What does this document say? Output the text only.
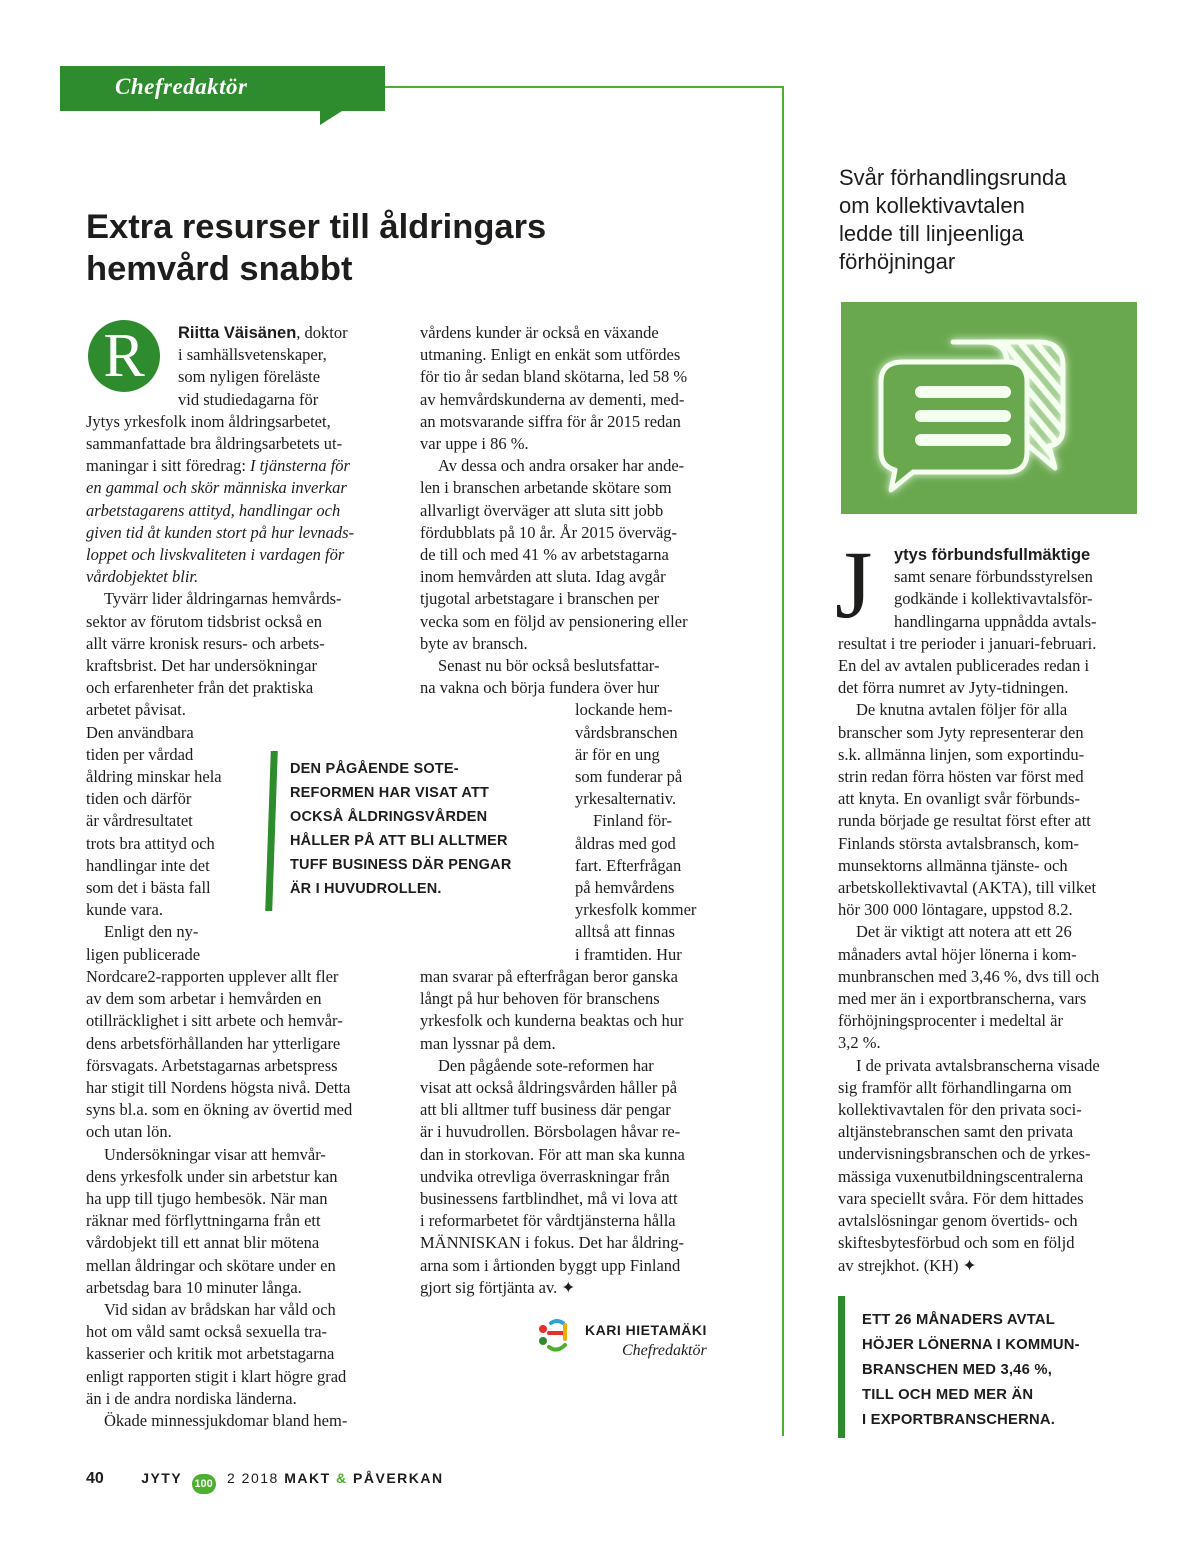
Chefredaktör
Extra resurser till åldringars
hemvård snabbt
R	Riitta Väisänen, doktor
i samhällsvetenskaper,
som nyligen föreläste
vid studiedagarna för
Jytys yrkesfolk inom åldringsarbetet,
sammanfattade bra åldringsarbetets ut-
maningar i sitt föredrag: I tjänsterna för
en gammal och skör människa inverkar
arbetstagarens attityd, handlingar och
given tid åt kunden stort på hur levnads-
loppet och livskvaliteten i vardagen för
vårdobjektet blir.

Tyvärr lider åldringarnas hemvårds-
sektor av förutom tidsbrist också en
allt värre kronisk resurs- och arbets-
kraftsbrist. Det har undersökningar
och erfarenheter från det praktiska
arbetet påvisat.
Den användbara
tiden per vårdad
åldring minskar hela
tiden och därför
är vårdresultatet
trots bra attityd och
handlingar inte det
som det i bästa fall
kunde vara.

Enligt den ny-
ligen publicerade
Nordcare2-rapporten upplever allt fler
av dem som arbetar i hemvården en
otillräcklighet i sitt arbete och hemvår-
dens arbetsförhållanden har ytterligare
försvagats. Arbetstagarnas arbetspress
har stigit till Nordens högsta nivå. Detta
syns bl.a. som en ökning av övertid med
och utan lön.

Undersökningar visar att hemvår-
dens yrkesfolk under sin arbetstur kan
ha upp till tjugo hembesök. När man
räknar med förflyttningarna från ett
vårdobjekt till ett annat blir mötena
mellan åldringar och skötare under en
arbetsdag bara 10 minuter långa.

Vid sidan av brådskan har våld och
hot om våld samt också sexuella tra-
kasserier och kritik mot arbetstagarna
enligt rapporten stigit i klart högre grad
än i de andra nordiska länderna.

Ökade minnessjukdomar bland hem-

vårdens kunder är också en växande
utmaning. Enligt en enkät som utfördes
för tio år sedan bland skötarna, led 58 %
av hemvårdskunderna av dementi, med-
an motsvarande siffra för år 2015 redan
var uppe i 86 %.

Av dessa och andra orsaker har ande-
len i branschen arbetande skötare som
allvarligt överväger att sluta sitt jobb
fördubblats på 10 år. År 2015 överväg-
de till och med 41 % av arbetstagarna
inom hemvården att sluta. Idag avgår
tjugotal arbetstagare i branschen per
vecka som en följd av pensionering eller
byte av bransch.

Senast nu bör också beslutsfattar-
na vakna och börja fundera över hur
lockande hem-
vårdsbranschen
är för en ung
som funderar på
yrkesalternativ.

Finland för-
åldras med god
fart. Efterfrågan
på hemvårdens
yrkesfolk kommer
alltså att finnas
i framtiden. Hur
man svarar på efterfrågan beror ganska
långt på hur behoven för branschens
yrkesfolk och kunderna beaktas och hur
man lyssnar på dem.

Den pågående sote-reformen har
visat att också åldringsvården håller på
att bli alltmer tuff business där pengar
är i huvudrollen. Börsbolagen håvar re-
dan in storkovan. För att man ska kunna
undvika otrevliga överraskningar från
businessens fartblindhet, må vi lova att
i reformarbetet för vårdtjänsterna hålla
MÄNNISKAN i fokus. Det har åldring-
arna som i årtionden byggt upp Finland
gjort sig förtjänta av. ✦

DEN PÅGÅENDE SOTE-
REFORMEN HAR VISAT ATT
OCKSÅ ÅLDRINGSVÅRDEN
HÅLLER PÅ ATT BLI ALLTMER
TUFF BUSINESS DÄR PENGAR
ÄR I HUVUDROLLEN.
KARI HIETAMÄKI
Chefredaktör
Svår förhandlingsrunda
om kollektivavtalen
ledde till linjeenliga
förhöjningar
J	ytys förbundsfullmäktige
samt senare förbundsstyrelsen
godkände i kollektivavtalsför-
handlingarna uppnådda avtals-
resultat i tre perioder i januari-februari.
En del av avtalen publicerades redan i
det förra numret av Jyty-tidningen.

De knutna avtalen följer för alla
branscher som Jyty representerar den
s.k. allmänna linjen, som exportindu-
strin redan förra hösten var först med
att knyta. En ovanligt svår förbunds-
runda började ge resultat först efter att
Finlands största avtalsbransch, kom-
munsektorns allmänna tjänste- och
arbetskollektivavtal (AKTA), till vilket
hör 300 000 löntagare, uppstod 8.2.

Det är viktigt att notera att ett 26
månaders avtal höjer lönerna i kom-
munbranschen med 3,46 %, dvs till och
med mer än i exportbranscherna, vars
förhöjningsprocenter i medeltal är
3,2 %.

I de privata avtalsbranscherna visade
sig framför allt förhandlingarna om
kollektivavtalen för den privata soci-
altjänstebranschen samt den privata
undervisningsbranschen och de yrkes-
mässiga vuxenutbildningscentralerna
vara speciellt svåra. För dem hittades
avtalslösningar genom övertids- och
skiftesbytesförbud och som en följd
av strejkhot. (KH) ✦

ETT 26 MÅNADERS AVTAL
HÖJER LÖNERNA I KOMMUN-
BRANSCHEN MED 3,46 %,
TILL OCH MED MER ÄN
I EXPORTBRANSCHERNA.
40	JYTY 100 2 2018 MAKT & PÅVERKAN
